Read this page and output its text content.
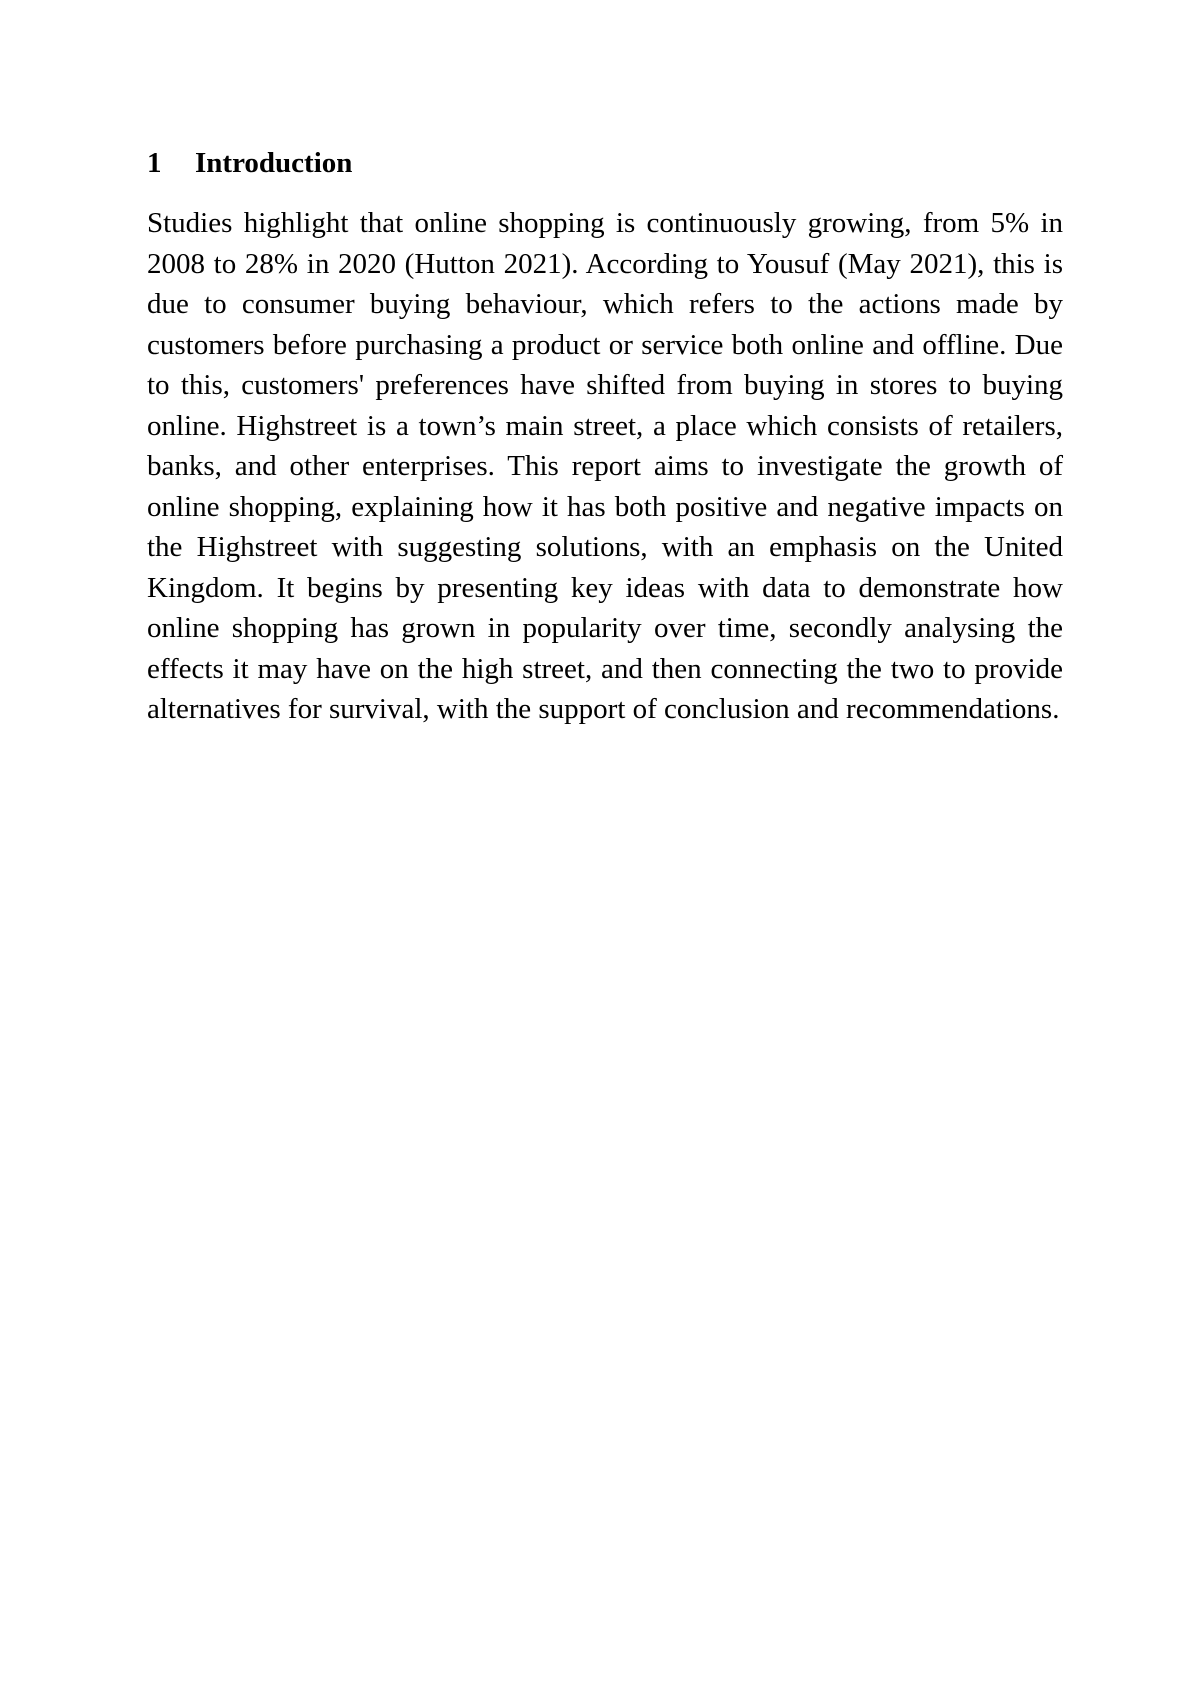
1 Introduction

Studies highlight that online shopping is continuously growing, from 5% in 2008 to 28% in 2020 (Hutton 2021). According to Yousuf (May 2021), this is due to consumer buying behaviour, which refers to the actions made by customers before purchasing a product or service both online and offline. Due to this, customers' preferences have shifted from buying in stores to buying online. Highstreet is a town’s main street, a place which consists of retailers, banks, and other enterprises. This report aims to investigate the growth of online shopping, explaining how it has both positive and negative impacts on the Highstreet with suggesting solutions, with an emphasis on the United Kingdom. It begins by presenting key ideas with data to demonstrate how online shopping has grown in popularity over time, secondly analysing the effects it may have on the high street, and then connecting the two to provide alternatives for survival, with the support of conclusion and recommendations.
